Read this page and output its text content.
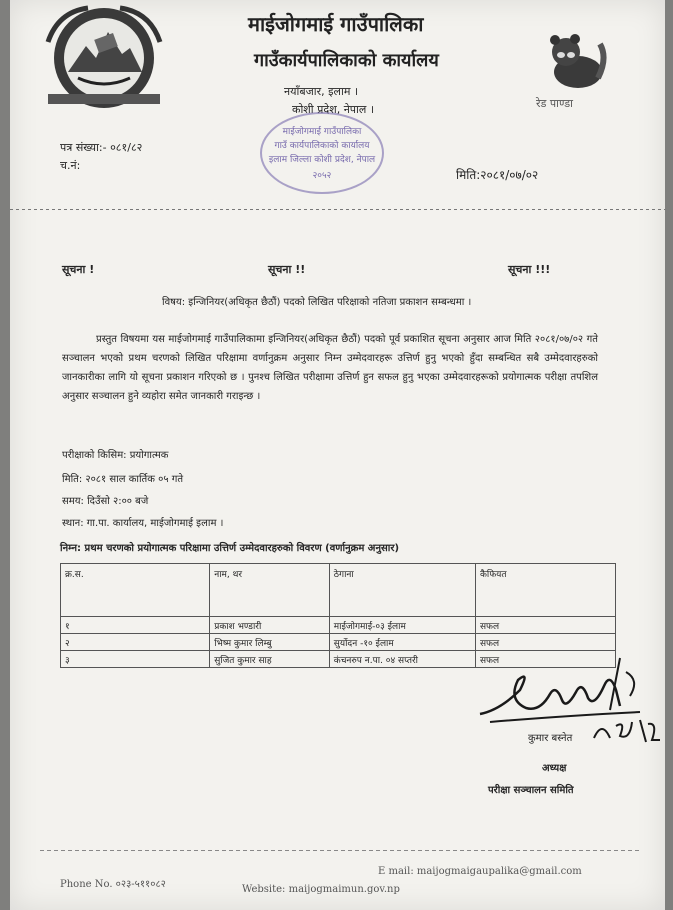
माईजोगमाई गाउँपालिका
गाउँकार्यपालिकाको कार्यालय
नयाँबजार, इलाम ।
कोशी प्रदेश, नेपाल ।	रेड पाण्डा
माईजोगमाई गाउँपालिका
गाउँ कार्यपालिकाको कार्यालय
इलाम जिल्ला कोशी प्रदेश, नेपाल
२०५२
पत्र संख्या:- ०८१/८२
च.नं:
मिति:२०८१/०७/०२
सूचना !	सूचना !!	सूचना !!!
विषय: इन्जिनियर(अधिकृत छैठौं) पदको लिखित परिक्षाको नतिजा प्रकाशन सम्बन्धमा ।

प्रस्तुत विषयमा यस माईजोगमाई गाउँपालिकामा इन्जिनियर(अधिकृत छैठौं) पदको पूर्व प्रकाशित सूचना अनुसार आज मिति २०८१/०७/०२ गते सञ्चालन भएको प्रथम चरणको लिखित परिक्षामा वर्णानुक्रम अनुसार निम्न उम्मेदवारहरू उत्तिर्ण हुनु भएको हुँदा सम्बन्धित सबै उम्मेदवारहरुको जानकारीका लागि यो सूचना प्रकाशन गरिएको छ । पुनश्च लिखित परीक्षामा उत्तिर्ण हुन सफल हुनु भएका उम्मेदवारहरूको प्रयोगात्मक परीक्षा तपशिल अनुसार सञ्चालन हुने व्यहोरा समेत जानकारी गराइन्छ ।

परीक्षाको किसिम: प्रयोगात्मक
मिति: २०८१ साल कार्तिक ०५ गते
समय: दिउँसो २:०० बजे
स्थान: गा.पा. कार्यालय, माईजोगमाई इलाम ।
निम्न: प्रथम चरणको प्रयोगात्मक परिक्षामा उत्तिर्ण उम्मेदवारहरुको विवरण (वर्णानुक्रम अनुसार)
क्र.स.	नाम, थर	ठेगाना	कैफियत
१	प्रकाश भण्डारी	माईजोगमाई-०३ ईलाम	सफल
२	भिष्म कुमार लिम्बु	सुर्योदन -१० ईलाम	सफल
३	सुजित कुमार साह	कंचनरुप न.पा. ०४ सप्तरी	सफल
कुमार बस्नेत
अध्यक्ष
परीक्षा सञ्चालन समिति
E mail: maijogmaigaupalika@gmail.com
Phone No. ०२३-५११०८२	Website: maijogmaimun.gov.np
